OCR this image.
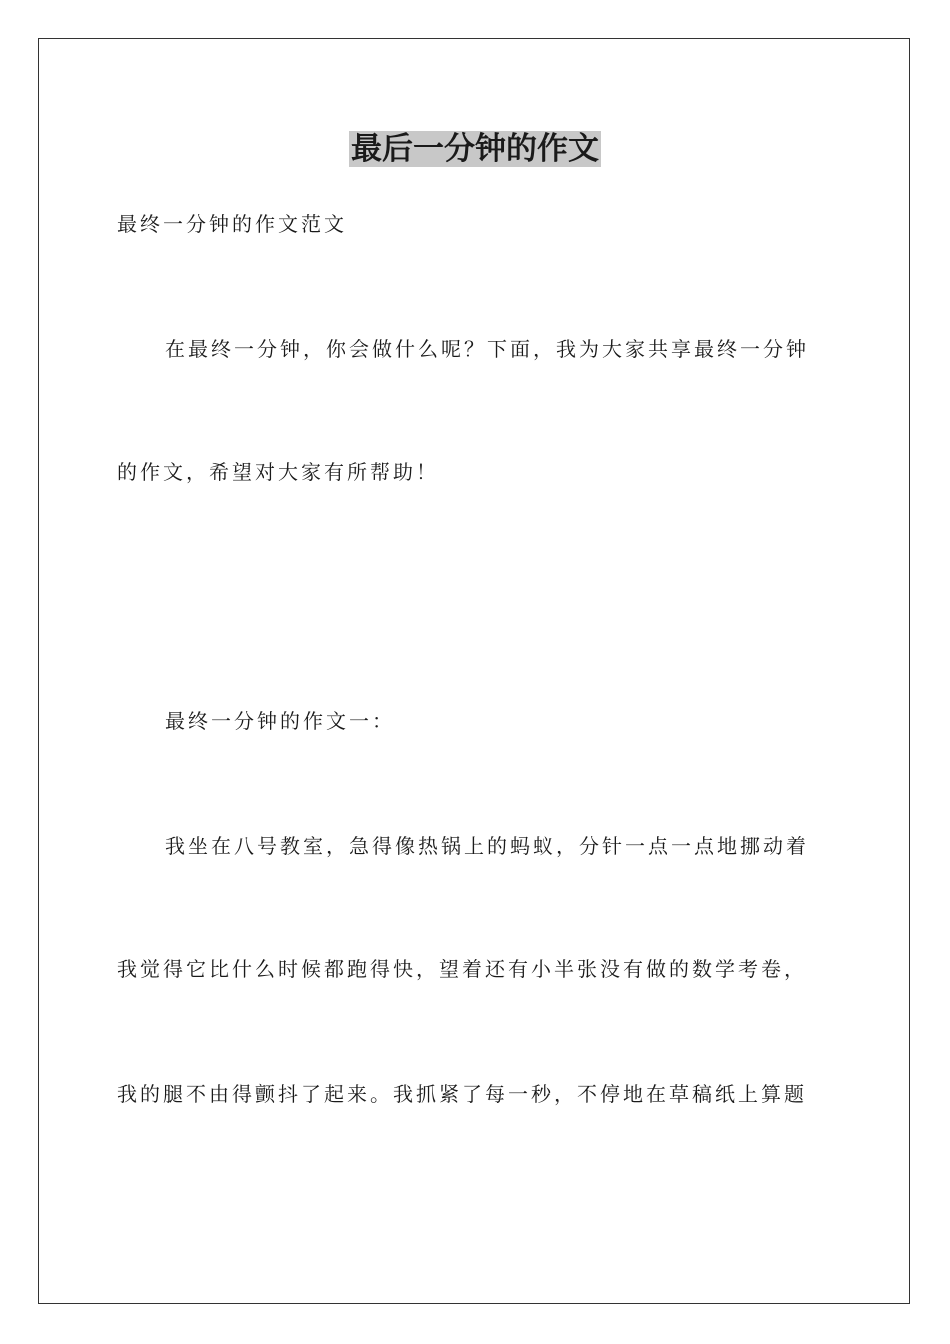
最后一分钟的作文
最终一分钟的作文范文
在最终一分钟，你会做什么呢？下面，我为大家共享最终一分钟
的作文，希望对大家有所帮助！
最终一分钟的作文一：
我坐在八号教室，急得像热锅上的蚂蚁，分针一点一点地挪动着
我觉得它比什么时候都跑得快，望着还有小半张没有做的数学考卷，
我的腿不由得颤抖了起来。我抓紧了每一秒，不停地在草稿纸上算题
